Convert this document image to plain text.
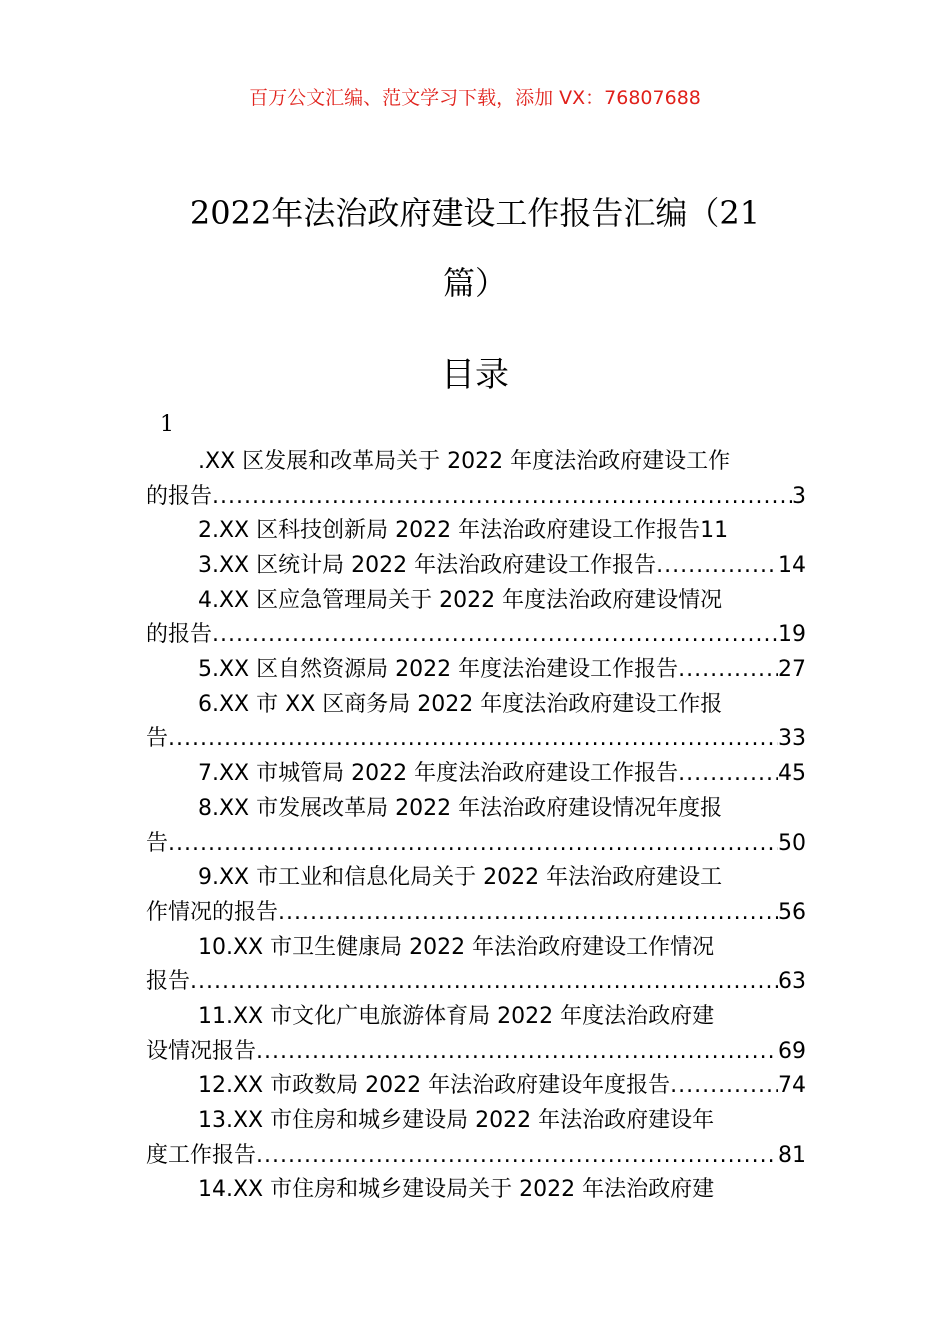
百万公文汇编、范文学习下载，添加 VX：76807688
2022年法治政府建设工作报告汇编（21
篇）
目录
1
.XX 区发展和改革局关于 2022 年度法治政府建设工作
的报告 .....	3
2.XX 区科技创新局 2022 年法治政府建设工作报告 11
3.XX 区统计局 2022 年法治政府建设工作报告 .....	14
4.XX 区应急管理局关于 2022 年度法治政府建设情况
的报告 .....	19
5.XX 区自然资源局 2022 年度法治建设工作报告 .....	27
6.XX 市 XX 区商务局 2022 年度法治政府建设工作报
告 .....	33
7.XX 市城管局 2022 年度法治政府建设工作报告 .....	45
8.XX 市发展改革局 2022 年法治政府建设情况年度报
告 .....	50
9.XX 市工业和信息化局关于 2022 年法治政府建设工
作情况的报告 .....	56
10.XX 市卫生健康局 2022 年法治政府建设工作情况
报告 .....	63
11.XX 市文化广电旅游体育局 2022 年度法治政府建
设情况报告 .....	69
12.XX 市政数局 2022 年法治政府建设年度报告 .....	74
13.XX 市住房和城乡建设局 2022 年法治政府建设年
度工作报告 .....	81
14.XX 市住房和城乡建设局关于 2022 年法治政府建
